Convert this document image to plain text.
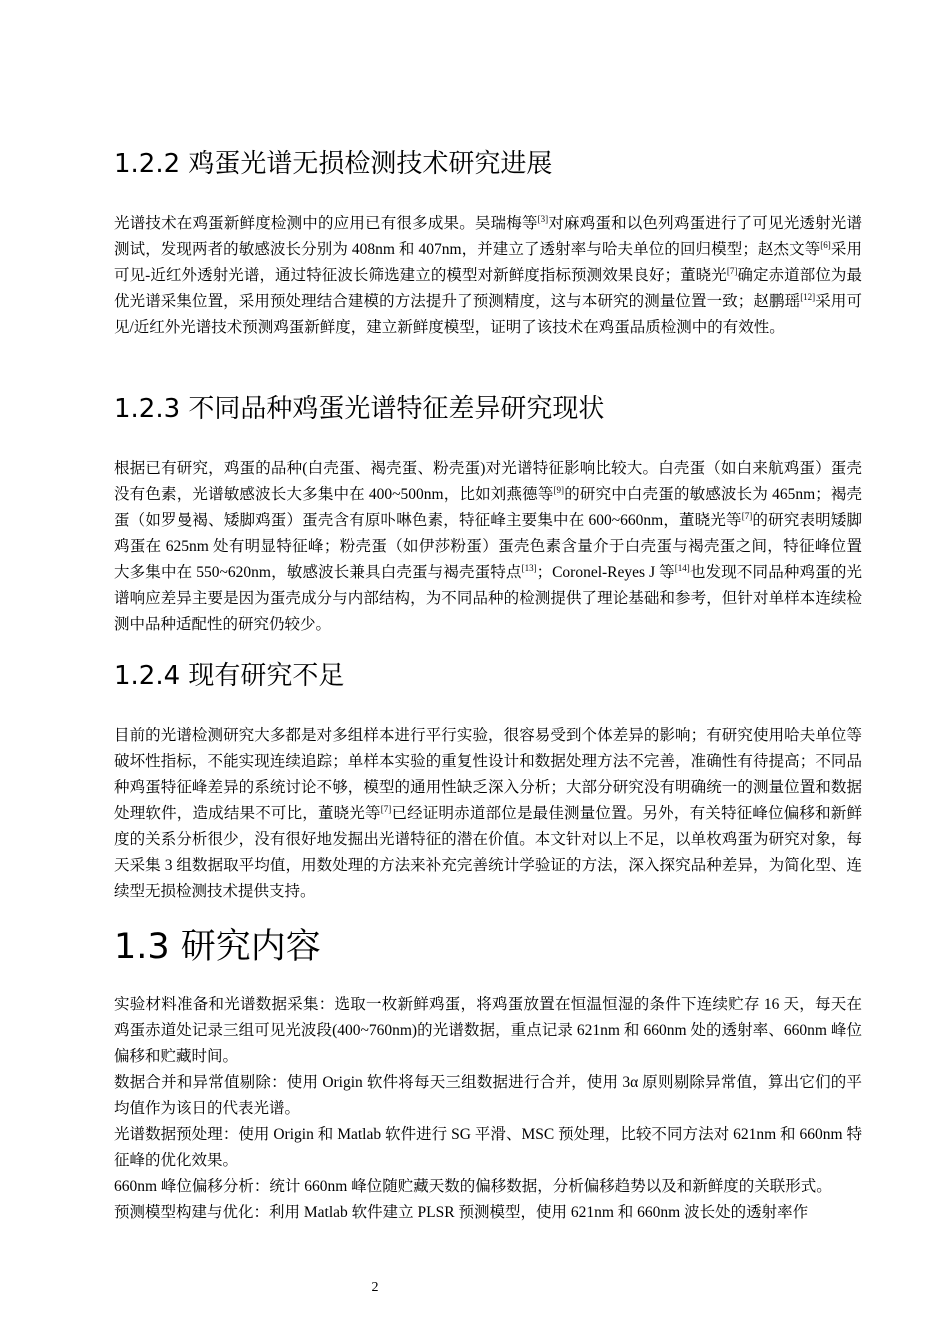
1.2.2 鸡蛋光谱无损检测技术研究进展
光谱技术在鸡蛋新鲜度检测中的应用已有很多成果。吴瑞梅等[3]对麻鸡蛋和以色列鸡蛋进行了可见光透射光谱测试，发现两者的敏感波长分别为 408nm 和 407nm，并建立了透射率与哈夫单位的回归模型；赵杰文等[6]采用可见-近红外透射光谱，通过特征波长筛选建立的模型对新鲜度指标预测效果良好；董晓光[7]确定赤道部位为最优光谱采集位置，采用预处理结合建模的方法提升了预测精度，这与本研究的测量位置一致；赵鹏瑶[12]采用可见/近红外光谱技术预测鸡蛋新鲜度，建立新鲜度模型，证明了该技术在鸡蛋品质检测中的有效性。
1.2.3 不同品种鸡蛋光谱特征差异研究现状
根据已有研究，鸡蛋的品种(白壳蛋、褐壳蛋、粉壳蛋)对光谱特征影响比较大。白壳蛋（如白来航鸡蛋）蛋壳没有色素，光谱敏感波长大多集中在 400~500nm，比如刘燕德等[9]的研究中白壳蛋的敏感波长为 465nm；褐壳蛋（如罗曼褐、矮脚鸡蛋）蛋壳含有原卟啉色素，特征峰主要集中在 600~660nm，董晓光等[7]的研究表明矮脚鸡蛋在 625nm 处有明显特征峰；粉壳蛋（如伊莎粉蛋）蛋壳色素含量介于白壳蛋与褐壳蛋之间，特征峰位置大多集中在 550~620nm，敏感波长兼具白壳蛋与褐壳蛋特点[13]；Coronel-Reyes J 等[14]也发现不同品种鸡蛋的光谱响应差异主要是因为蛋壳成分与内部结构，为不同品种的检测提供了理论基础和参考，但针对单样本连续检测中品种适配性的研究仍较少。
1.2.4 现有研究不足
目前的光谱检测研究大多都是对多组样本进行平行实验，很容易受到个体差异的影响；有研究使用哈夫单位等破坏性指标，不能实现连续追踪；单样本实验的重复性设计和数据处理方法不完善，准确性有待提高；不同品种鸡蛋特征峰差异的系统讨论不够，模型的通用性缺乏深入分析；大部分研究没有明确统一的测量位置和数据处理软件，造成结果不可比，董晓光等[7]已经证明赤道部位是最佳测量位置。另外，有关特征峰位偏移和新鲜度的关系分析很少，没有很好地发掘出光谱特征的潜在价值。本文针对以上不足，以单枚鸡蛋为研究对象，每天采集 3 组数据取平均值，用数处理的方法来补充完善统计学验证的方法，深入探究品种差异，为简化型、连续型无损检测技术提供支持。
1.3 研究内容

实验材料准备和光谱数据采集：选取一枚新鲜鸡蛋，将鸡蛋放置在恒温恒湿的条件下连续贮存 16 天，每天在鸡蛋赤道处记录三组可见光波段(400~760nm)的光谱数据，重点记录 621nm 和 660nm 处的透射率、660nm 峰位偏移和贮藏时间。

数据合并和异常值剔除：使用 Origin 软件将每天三组数据进行合并，使用 3α 原则剔除异常值，算出它们的平均值作为该日的代表光谱。

光谱数据预处理：使用 Origin 和 Matlab 软件进行 SG 平滑、MSC 预处理，比较不同方法对 621nm 和 660nm 特征峰的优化效果。

660nm 峰位偏移分析：统计 660nm 峰位随贮藏天数的偏移数据，分析偏移趋势以及和新鲜度的关联形式。

预测模型构建与优化：利用 Matlab 软件建立 PLSR 预测模型，使用 621nm 和 660nm 波长处的透射率作

2
